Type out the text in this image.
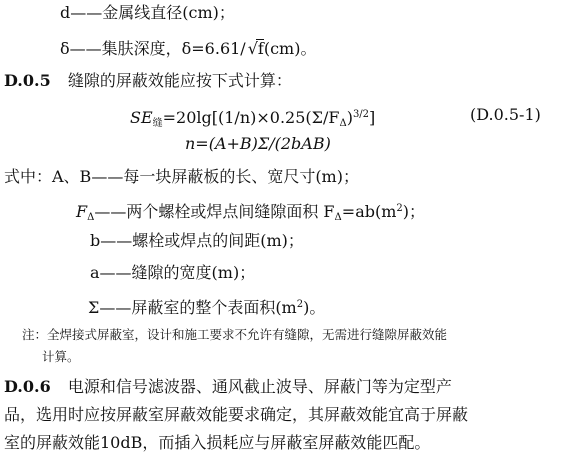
d——金属线直径(cm)；
δ——集肤深度，δ=6.61/ √f(cm)。
D.0.5 缝隙的屏蔽效能应按下式计算：
$SE_缝=20\lg[(1/n)\times 0.25(\Sigma/F_\Delta)^{3/2}]$	(D.0.5-1)
n=(A+B)Σ/(2bAB)
式中：A、B——每一块屏蔽板的长、宽尺寸(m)；
$F_\Delta——$两个螺栓或焊点间缝隙面积 $F_\Delta=ab(m^2)$；
b——螺栓或焊点的间距(m)；
a——缝隙的宽度(m)；
Σ——屏蔽室的整个表面积$(m^2)$。
注：全焊接式屏蔽室，设计和施工要求不允许有缝隙，无需进行缝隙屏蔽效能
计算。
D.0.6 电源和信号滤波器、通风截止波导、屏蔽门等为定型产
品，选用时应按屏蔽室屏蔽效能要求确定，其屏蔽效能宜高于屏蔽
室的屏蔽效能10dB，而插入损耗应与屏蔽室屏蔽效能匹配。
